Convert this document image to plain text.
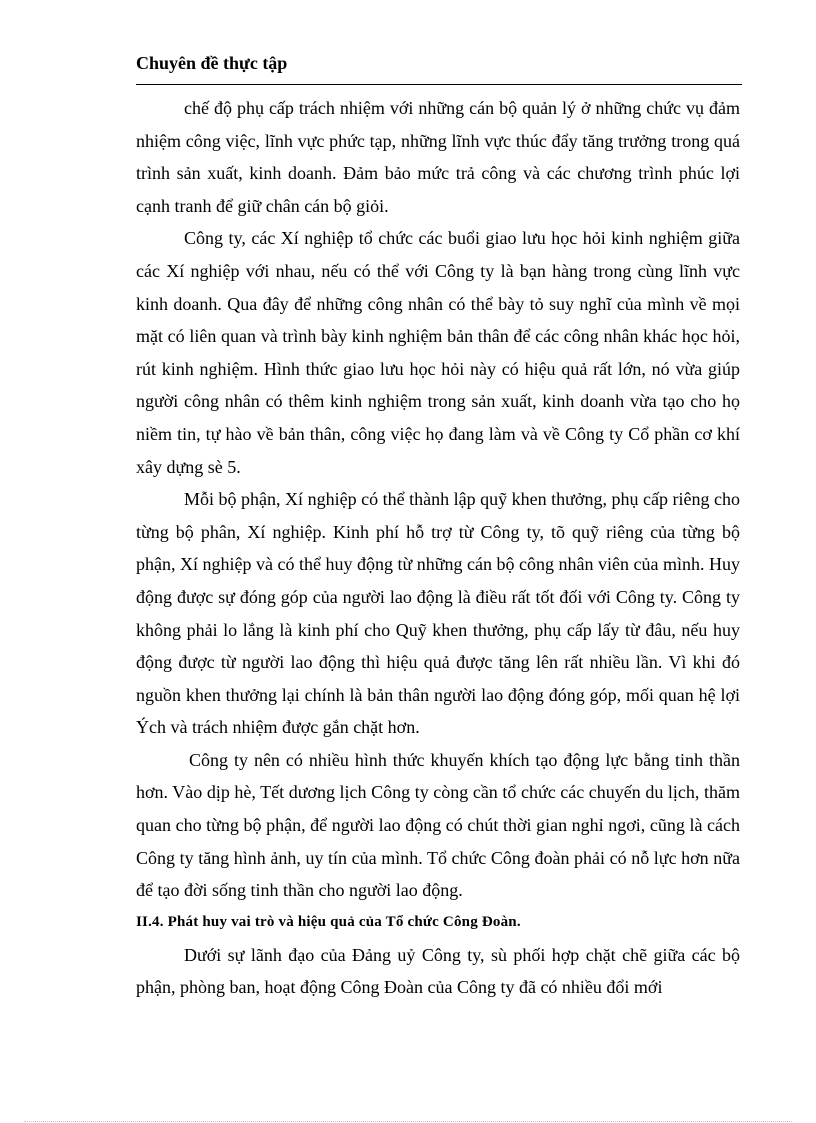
Chuyên đề thực tập

chế độ phụ cấp trách nhiệm với những cán bộ quản lý ở những chức vụ đảm nhiệm công việc, lĩnh vực phức tạp, những lĩnh vực thúc đẩy tăng trưởng trong quá trình sản xuất, kinh doanh. Đảm bảo mức trả công và các chương trình phúc lợi cạnh tranh để giữ chân cán bộ giỏi.

Công ty, các Xí nghiệp tổ chức các buổi giao lưu học hỏi kinh nghiệm giữa các Xí nghiệp với nhau, nếu có thể với Công ty là bạn hàng trong cùng lĩnh vực kinh doanh. Qua đây để những công nhân có thể bày tỏ suy nghĩ của mình về mọi mặt có liên quan và trình bày kinh nghiệm bản thân để các công nhân khác học hỏi, rút kinh nghiệm. Hình thức giao lưu học hỏi này có hiệu quả rất lớn, nó vừa giúp người công nhân có thêm kinh nghiệm trong sản xuất, kinh doanh vừa tạo cho họ niềm tin, tự hào về bản thân, công việc họ đang làm và về Công ty Cổ phần cơ khí xây dựng sè 5.

Mỗi bộ phận, Xí nghiệp có thể thành lập quỹ khen thưởng, phụ cấp riêng cho từng bộ phân, Xí nghiệp. Kinh phí hỗ trợ từ Công ty, tõ quỹ riêng của từng bộ phận, Xí nghiệp và có thể huy động từ những cán bộ công nhân viên của mình. Huy động được sự đóng góp của người lao động là điều rất tốt đối với Công ty. Công ty không phải lo lắng là kinh phí cho Quỹ khen thưởng, phụ cấp lấy từ đâu, nếu huy động được từ người lao động thì hiệu quả được tăng lên rất nhiều lần. Vì khi đó nguồn khen thưởng lại chính là bản thân người lao động đóng góp, mối quan hệ lợi Ých và trách nhiệm được gắn chặt hơn.

Công ty nên có nhiều hình thức khuyến khích tạo động lực bằng tinh thần hơn. Vào dịp hè, Tết dương lịch Công ty còng cần tổ chức các chuyến du lịch, thăm quan cho từng bộ phận, để người lao động có chút thời gian nghỉ ngơi, cũng là cách Công ty tăng hình ảnh, uy tín của mình. Tổ chức Công đoàn phải có nỗ lực hơn nữa để tạo đời sống tinh thần cho người lao động.

II.4. Phát huy vai trò và hiệu quả của Tổ chức Công Đoàn.

Dưới sự lãnh đạo của Đảng uỷ Công ty, sù phối hợp chặt chẽ giữa các bộ phận, phòng ban, hoạt động Công Đoàn của Công ty đã có nhiều đổi mới
